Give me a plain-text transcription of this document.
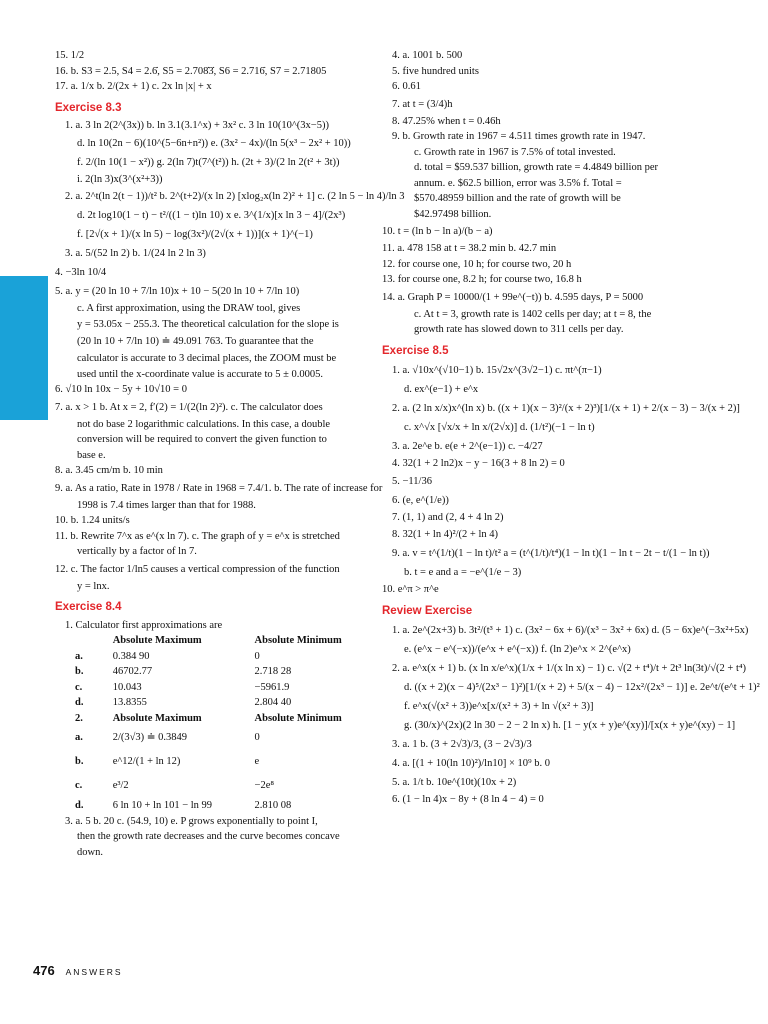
15. 1/2
16. b. S3 = 2.5, S4 = 2.6̇, S5 = 2.708̇3̇, S6 = 2.716̇, S7 = 2.71805
17. a. 1/x b. 2/(2x + 1) c. 2x ln |x| + x
Exercise 8.3
1. a. 3 ln 2(2^(3x)) b. ln 3.1(3.1^x) + 3x² c. 3 ln 10(10^(3x−5))
d. ln 10(2n − 6)(10^(5−6n+n²)) e. (3x² − 4x)/(ln 5(x³ − 2x² + 10))
f. 2/(ln 10(1 − x²)) g. 2(ln 7)t(7^(t²)) h. (2t + 3)/(2 ln 2(t² + 3t))
i. 2(ln 3)x(3^(x²+3))
2. a. 2^t(ln 2(t − 1))/t² b. 2^(t+2)/(x ln 2) [xlog₂x(ln 2)² + 1] c. (2 ln 5 − ln 4)/ln 3
d. 2t log10(1 − t) − t²/((1 − t)ln 10) x e. 3^(1/x)[x ln 3 − 4]/(2x³)
f. [2√(x + 1)/(x ln 5) − log(3x²)/(2√(x + 1))](x + 1)^(−1)
3. a. 5/(52 ln 2) b. 1/(24 ln 2 ln 3)
4. −3ln 10/4
5. a. y = (20 ln 10 + 7/ln 10)x + 10 − 5(20 ln 10 + 7/ln 10)
c. A first approximation, using the DRAW tool, gives
y = 53.05x − 255.3. The theoretical calculation for the slope is
(20 ln 10 + 7/ln 10) ≐ 49.091 763. To guarantee that the
calculator is accurate to 3 decimal places, the ZOOM must be
used until the x-coordinate value is accurate to 5 ± 0.0005.
6. √10 ln 10x − 5y + 10√10 = 0
7. a. x > 1 b. At x = 2, f′(2) = 1/(2(ln 2)²). c. The calculator does
not do base 2 logarithmic calculations. In this case, a double
conversion will be required to convert the given function to
base e.
8. a. 3.45 cm/m b. 10 min
9. a. As a ratio, Rate in 1978 / Rate in 1968 = 7.4/1. b. The rate of increase for
1998 is 7.4 times larger than that for 1988.
10. b. 1.24 units/s
11. b. Rewrite 7^x as e^(x ln 7). c. The graph of y = e^x is stretched
vertically by a factor of ln 7.
12. c. The factor 1/ln5 causes a vertical compression of the function
y = lnx.
Exercise 8.4
1. Calculator first approximations are
	Absolute Maximum	Absolute Minimum
a.	0.384 90	0
b.	46702.77	2.718 28
c.	10.043	−5961.9
d.	13.8355	2.804 40
2.	Absolute Maximum	Absolute Minimum
a.	2/(3√3) ≐ 0.3849	0
b.	e^12/(1 + ln 12)	e
c.	e³/2	−2e⁸
d.	6 ln 10 + ln 101 − ln 99	2.810 08
3. a. 5 b. 20 c. (54.9, 10) e. P grows exponentially to point I,
then the growth rate decreases and the curve becomes concave
down.
4. a. 1001 b. 500
5. five hundred units
6. 0.61
7. at t = (3/4)h
8. 47.25% when t = 0.46h
9. b. Growth rate in 1967 = 4.511 times growth rate in 1947.
c. Growth rate in 1967 is 7.5% of total invested.
d. total = $59.537 billion, growth rate = 4.4849 billion per
annum. e. $62.5 billion, error was 3.5% f. Total =
$570.48959 billion and the rate of growth will be
$42.97498 billion.
10. t = (ln b − ln a)/(b − a)
11. a. 478 158 at t = 38.2 min b. 42.7 min
12. for course one, 10 h; for course two, 20 h
13. for course one, 8.2 h; for course two, 16.8 h
14. a. Graph P = 10000/(1 + 99e^(−t)) b. 4.595 days, P = 5000
c. At t = 3, growth rate is 1402 cells per day; at t = 8, the
growth rate has slowed down to 311 cells per day.
Exercise 8.5
1. a. √10x^(√10−1) b. 15√2x^(3√2−1) c. πt^(π−1)
d. ex^(e−1) + e^x
2. a. (2 ln x/x)x^(ln x) b. ((x + 1)(x − 3)²/(x + 2)³)[1/(x + 1) + 2/(x − 3) − 3/(x + 2)]
c. x^√x [√x/x + ln x/(2√x)] d. (1/t²)(−1 − ln t)
3. a. 2e^e b. e(e + 2^(e−1)) c. −4/27
4. 32(1 + 2 ln2)x − y − 16(3 + 8 ln 2) = 0
5. −11/36
6. (e, e^(1/e))
7. (1, 1) and (2, 4 + 4 ln 2)
8. 32(1 + ln 4)²/(2 + ln 4)
9. a. v = t^(1/t)(1 − ln t)/t² a = (t^(1/t)/t⁴)(1 − ln t)(1 − ln t − 2t − t/(1 − ln t))
b. t = e and a = −e^(1/e − 3)
10. e^π > π^e
Review Exercise
1. a. 2e^(2x+3) b. 3t²/(t³ + 1) c. (3x² − 6x + 6)/(x³ − 3x² + 6x) d. (5 − 6x)e^(−3x²+5x)
e. (e^x − e^(−x))/(e^x + e^(−x)) f. (ln 2)e^x × 2^(e^x)
2. a. e^x(x + 1) b. (x ln x/e^x)(1/x + 1/(x ln x) − 1) c. √(2 + t⁴)/t + 2t³ ln(3t)/√(2 + t⁴)
d. ((x + 2)(x − 4)⁵/(2x³ − 1)²)[1/(x + 2) + 5/(x − 4) − 12x²/(2x³ − 1)] e. 2e^t/(e^t + 1)²
f. e^x(√(x² + 3))e^x[x/(x² + 3) + ln √(x² + 3)]
g. (30/x)^(2x)(2 ln 30 − 2 − 2 ln x) h. [1 − y(x + y)e^(xy)]/[x(x + y)e^(xy) − 1]
3. a. 1 b. (3 + 2√3)/3, (3 − 2√3)/3
4. a. [(1 + 10(ln 10)²)/ln10] × 10⁹ b. 0
5. a. 1/t b. 10e^(10t)(10x + 2)
6. (1 − ln 4)x − 8y + (8 ln 4 − 4) = 0
476 ANSWERS
